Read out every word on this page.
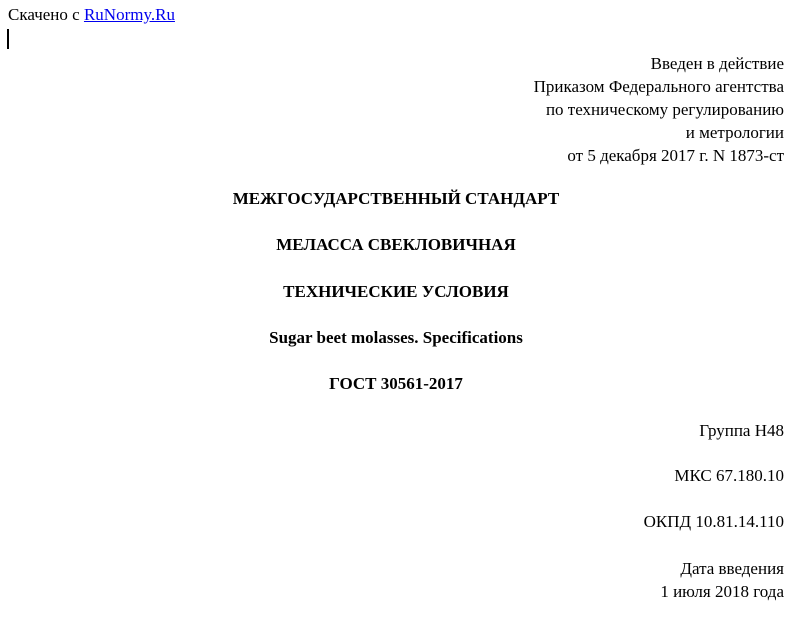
Скачено с RuNormy.Ru
Введен в действие
Приказом Федерального агентства
по техническому регулированию
и метрологии
от 5 декабря 2017 г. N 1873-ст
МЕЖГОСУДАРСТВЕННЫЙ СТАНДАРТ
МЕЛАССА СВЕКЛОВИЧНАЯ
ТЕХНИЧЕСКИЕ УСЛОВИЯ
Sugar beet molasses. Specifications
ГОСТ 30561-2017
Группа Н48
МКС 67.180.10
ОКПД 10.81.14.110
Дата введения
1 июля 2018 года
